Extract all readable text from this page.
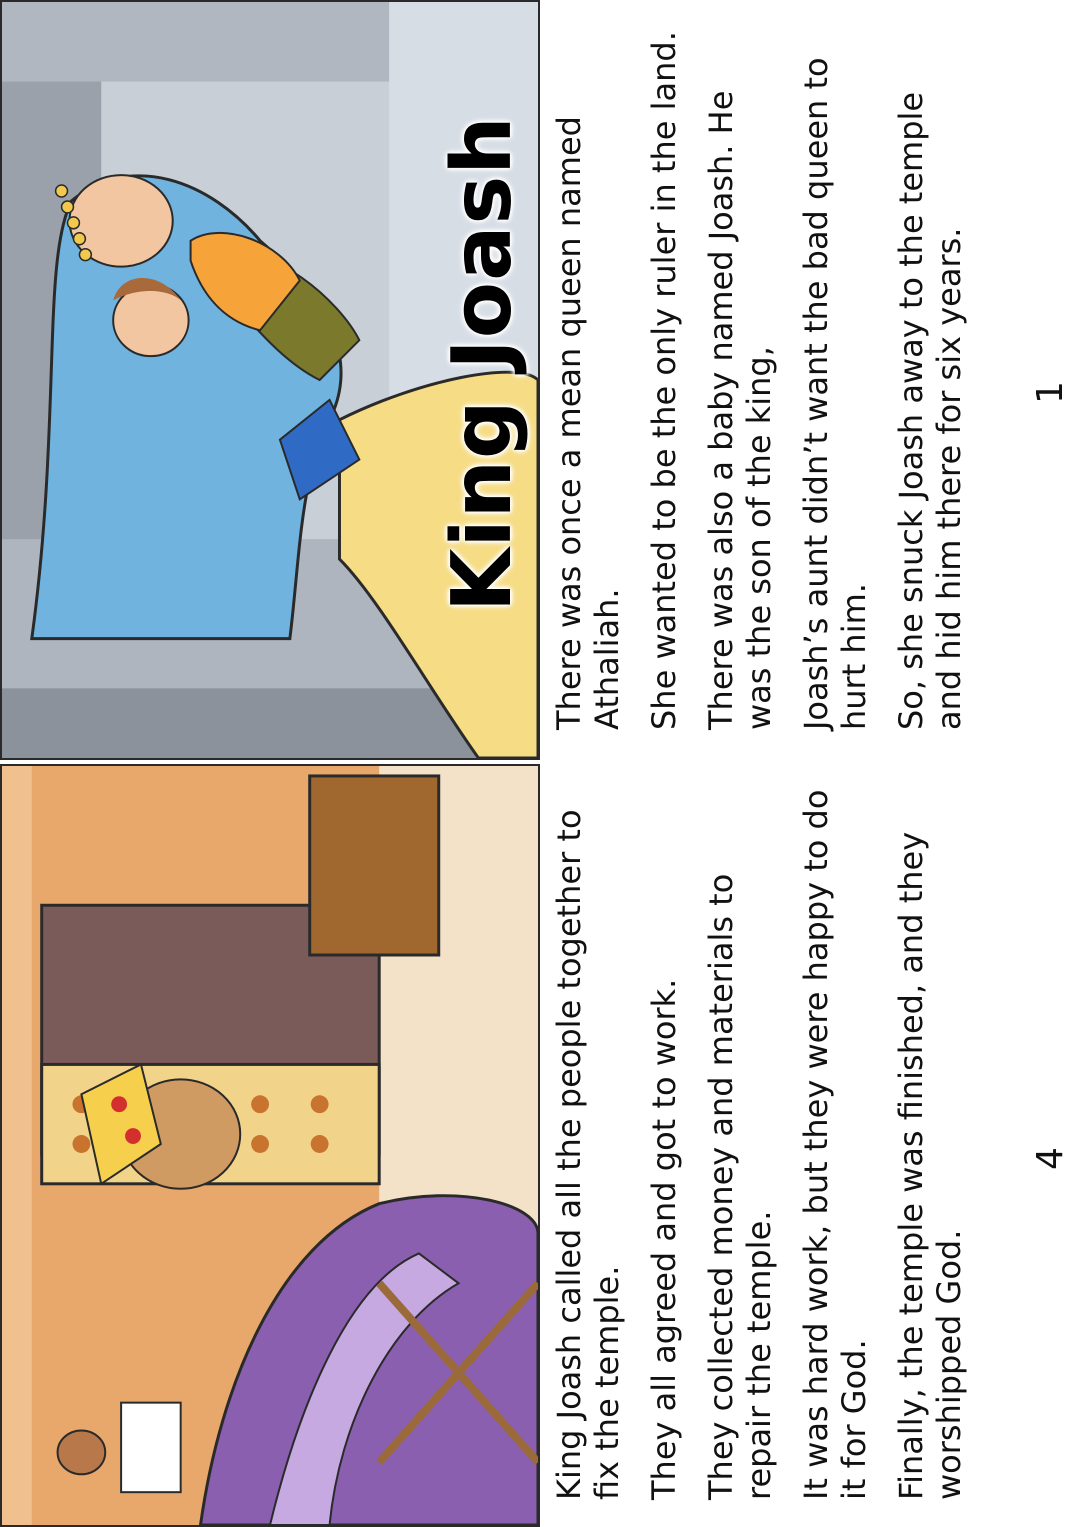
King Joash There was once a mean queen named Athaliah. She wanted to be the only ruler in the land. There was also a baby named Joash. He was the son of the king, Joash’s aunt didn’t want the bad queen to hurt him. So, she snuck Joash away to the temple and hid him there for six years. 1

King Joash called all the people together to fix the temple. They all agreed and got to work. They collected money and materials to repair the temple. It was hard work, but they were happy to do it for God. Finally, the temple was finished, and they worshipped God.

4
